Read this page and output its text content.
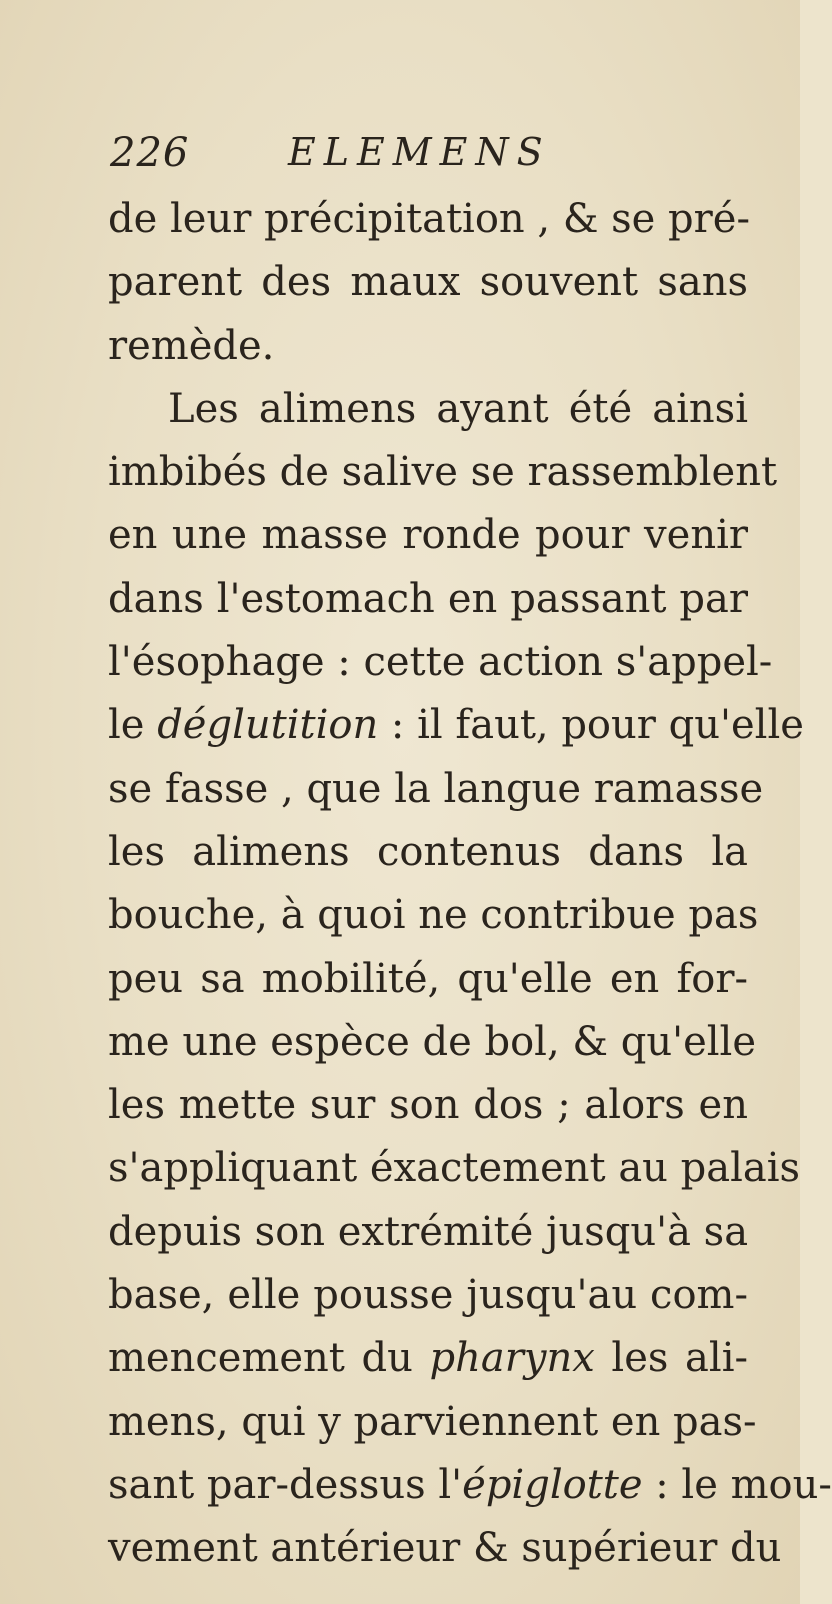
226	ELEMENS
de leur précipitation , & se pré-
parent des maux souvent sans
remède.
Les alimens ayant été ainsi
imbibés de salive se rassemblent
en une masse ronde pour venir
dans l'estomach en passant par
l'ésophage : cette action s'appel-
le déglutition : il faut, pour qu'elle
se fasse , que la langue ramasse
les alimens contenus dans la
bouche, à quoi ne contribue pas
peu sa mobilité, qu'elle en for-
me une espèce de bol, & qu'elle
les mette sur son dos ; alors en
s'appliquant éxactement au palais
depuis son extrémité jusqu'à sa
base, elle pousse jusqu'au com-
mencement du pharynx les ali-
mens, qui y parviennent en pas-
sant par-dessus l'épiglotte : le mou-
vement antérieur & supérieur du
